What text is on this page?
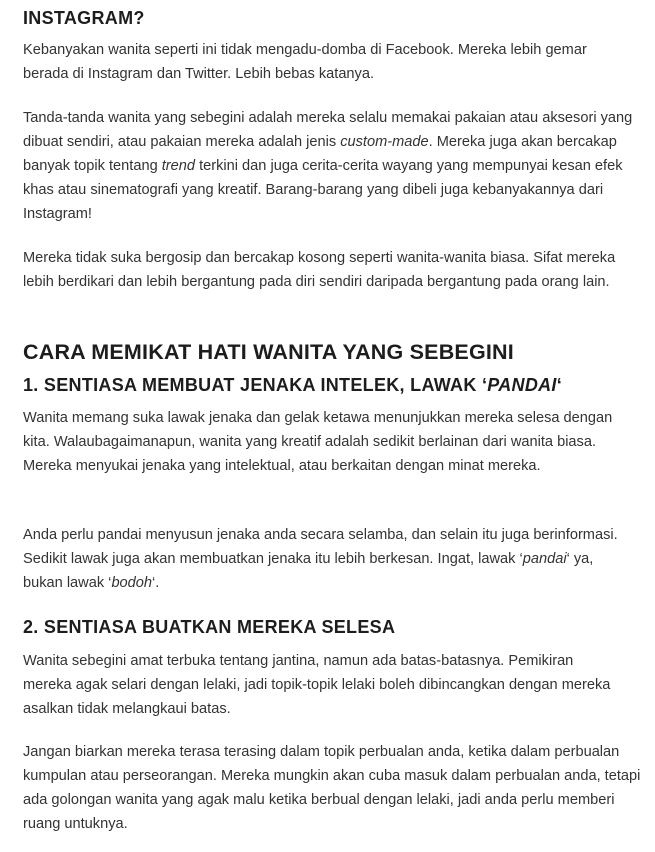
INSTAGRAM?

Kebanyakan wanita seperti ini tidak mengadu-domba di Facebook. Mereka lebih gemar berada di Instagram dan Twitter. Lebih bebas katanya.

Tanda-tanda wanita yang sebegini adalah mereka selalu memakai pakaian atau aksesori yang dibuat sendiri, atau pakaian mereka adalah jenis custom-made. Mereka juga akan bercakap banyak topik tentang trend terkini dan juga cerita-cerita wayang yang mempunyai kesan efek khas atau sinematografi yang kreatif. Barang-barang yang dibeli juga kebanyakannya dari Instagram!

Mereka tidak suka bergosip dan bercakap kosong seperti wanita-wanita biasa. Sifat mereka lebih berdikari dan lebih bergantung pada diri sendiri daripada bergantung pada orang lain.

CARA MEMIKAT HATI WANITA YANG SEBEGINI
1. SENTIASA MEMBUAT JENAKA INTELEK, LAWAK ‘PANDAI‘

Wanita memang suka lawak jenaka dan gelak ketawa menunjukkan mereka selesa dengan kita. Walaubagaimanapun, wanita yang kreatif adalah sedikit berlainan dari wanita biasa. Mereka menyukai jenaka yang intelektual, atau berkaitan dengan minat mereka.

Anda perlu pandai menyusun jenaka anda secara selamba, dan selain itu juga berinformasi. Sedikit lawak juga akan membuatkan jenaka itu lebih berkesan. Ingat, lawak ‘pandai‘ ya, bukan lawak ‘bodoh‘.

2. SENTIASA BUATKAN MEREKA SELESA

Wanita sebegini amat terbuka tentang jantina, namun ada batas-batasnya. Pemikiran mereka agak selari dengan lelaki, jadi topik-topik lelaki boleh dibincangkan dengan mereka asalkan tidak melangkaui batas.

Jangan biarkan mereka terasa terasing dalam topik perbualan anda, ketika dalam perbualan kumpulan atau perseorangan. Mereka mungkin akan cuba masuk dalam perbualan anda, tetapi ada golongan wanita yang agak malu ketika berbual dengan lelaki, jadi anda perlu memberi ruang untuknya.
